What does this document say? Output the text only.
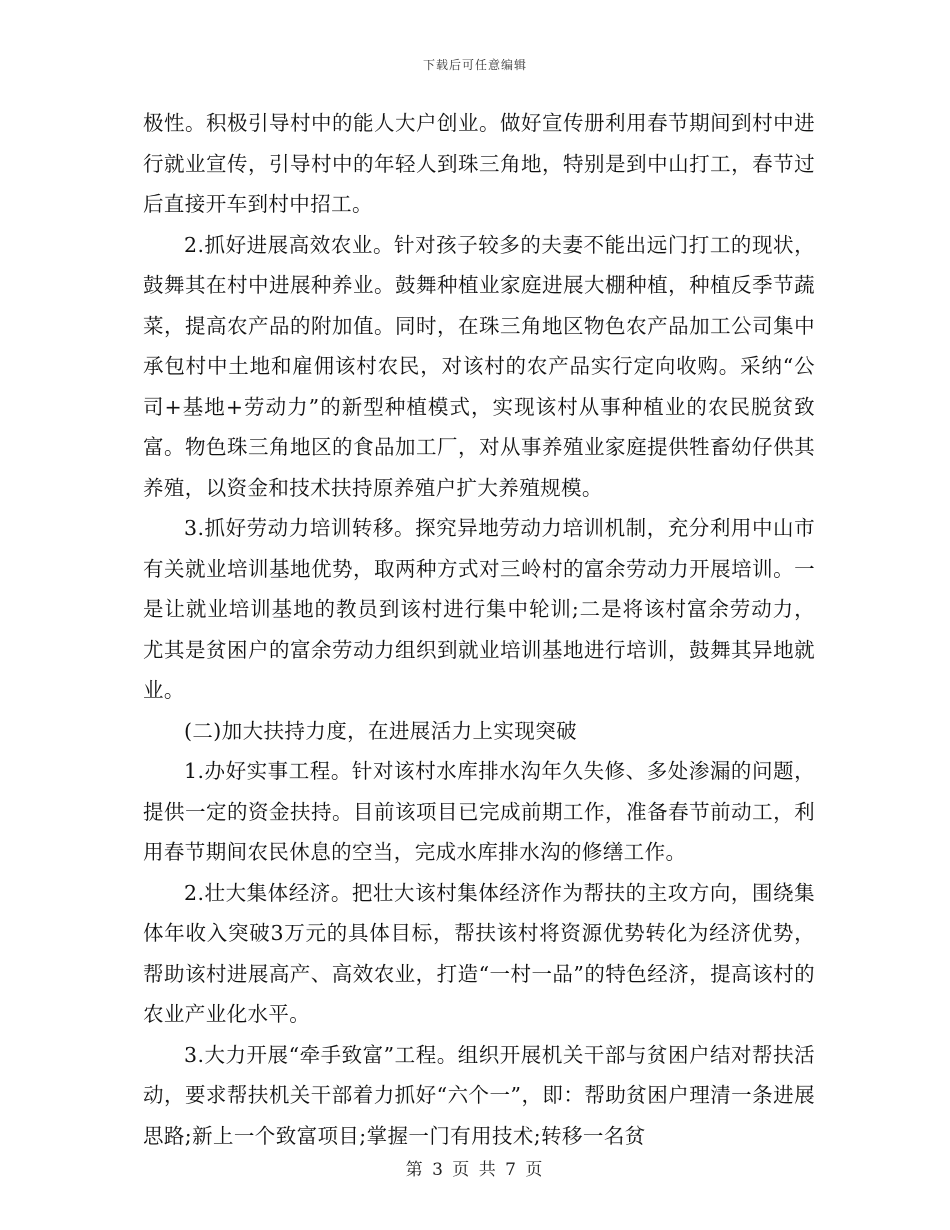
下载后可任意编辑

极性。积极引导村中的能人大户创业。做好宣传册利用春节期间到村中进行就业宣传，引导村中的年轻人到珠三角地，特别是到中山打工，春节过后直接开车到村中招工。

2.抓好进展高效农业。针对孩子较多的夫妻不能出远门打工的现状，鼓舞其在村中进展种养业。鼓舞种植业家庭进展大棚种植，种植反季节蔬菜，提高农产品的附加值。同时，在珠三角地区物色农产品加工公司集中承包村中土地和雇佣该村农民，对该村的农产品实行定向收购。采纳“公司+基地+劳动力”的新型种植模式，实现该村从事种植业的农民脱贫致富。物色珠三角地区的食品加工厂，对从事养殖业家庭提供牲畜幼仔供其养殖，以资金和技术扶持原养殖户扩大养殖规模。

3.抓好劳动力培训转移。探究异地劳动力培训机制，充分利用中山市有关就业培训基地优势，取两种方式对三岭村的富余劳动力开展培训。一是让就业培训基地的教员到该村进行集中轮训;二是将该村富余劳动力，尤其是贫困户的富余劳动力组织到就业培训基地进行培训，鼓舞其异地就业。

(二)加大扶持力度，在进展活力上实现突破

1.办好实事工程。针对该村水库排水沟年久失修、多处渗漏的问题，提供一定的资金扶持。目前该项目已完成前期工作，准备春节前动工，利用春节期间农民休息的空当，完成水库排水沟的修缮工作。

2.壮大集体经济。把壮大该村集体经济作为帮扶的主攻方向，围绕集体年收入突破3万元的具体目标，帮扶该村将资源优势转化为经济优势，帮助该村进展高产、高效农业，打造“一村一品”的特色经济，提高该村的农业产业化水平。

3.大力开展“牵手致富”工程。组织开展机关干部与贫困户结对帮扶活动，要求帮扶机关干部着力抓好“六个一”，即：帮助贫困户理清一条进展思路;新上一个致富项目;掌握一门有用技术;转移一名贫

第 3 页 共 7 页
